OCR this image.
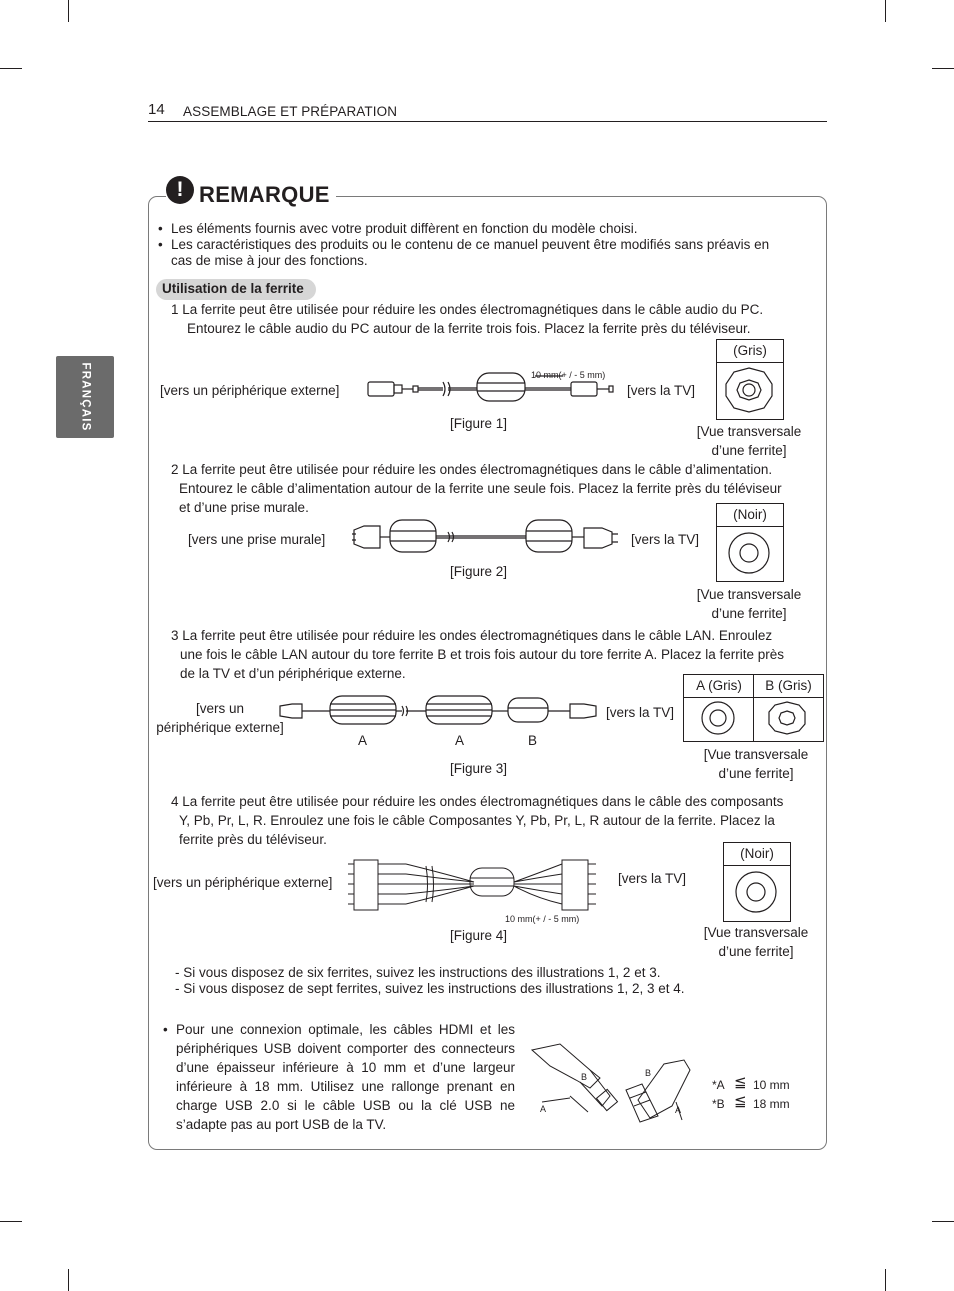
14 ASSEMBLAGE ET PRÉPARATION
FRANÇAIS
! REMARQUE
• Les éléments fournis avec votre produit diffèrent en fonction du modèle choisi.
• Les caractéristiques des produits ou le contenu de ce manuel peuvent être modifiés sans préavis en
cas de mise à jour des fonctions.
Utilisation de la ferrite
1 La ferrite peut être utilisée pour réduire les ondes électromagnétiques dans le câble audio du PC.
Entourez le câble audio du PC autour de la ferrite trois fois. Placez la ferrite près du téléviseur.
[vers un périphérique externe]	[vers la TV]
10 mm(+ / - 5 mm)
[Figure 1]
(Gris)
[Vue transversale
d’une ferrite]
2 La ferrite peut être utilisée pour réduire les ondes électromagnétiques dans le câble d’alimentation.
Entourez le câble d’alimentation autour de la ferrite une seule fois. Placez la ferrite près du téléviseur
et d’une prise murale.
[vers une prise murale]	[vers la TV]
[Figure 2]
(Noir)
[Vue transversale
d’une ferrite]
3 La ferrite peut être utilisée pour réduire les ondes électromagnétiques dans le câble LAN. Enroulez
une fois le câble LAN autour du tore ferrite B et trois fois autour du tore ferrite A. Placez la ferrite près
de la TV et d’un périphérique externe.
[vers un
périphérique externe]
[vers la TV]
A	A	B
[Figure 3]
A (Gris)	B (Gris)
[Vue transversale
d’une ferrite]
4 La ferrite peut être utilisée pour réduire les ondes électromagnétiques dans le câble des composants
Y, Pb, Pr, L, R. Enroulez une fois le câble Composantes Y, Pb, Pr, L, R autour de la ferrite. Placez la
ferrite près du téléviseur.
[vers un périphérique externe]	[vers la TV]
10 mm(+ / - 5 mm)
[Figure 4]
(Noir)
[Vue transversale
d’une ferrite]
- Si vous disposez de six ferrites, suivez les instructions des illustrations 1, 2 et 3.
- Si vous disposez de sept ferrites, suivez les instructions des illustrations 1, 2, 3 et 4.
• Pour une connexion optimale, les câbles HDMI et les périphériques USB doivent comporter des connecteurs d’une épaisseur inférieure à 10 mm et d’une largeur inférieure à 18 mm. Utilisez une rallonge prenant en charge USB 2.0 si le câble USB ou la clé USB ne s’adapte pas au port USB de la TV.
A
B	B
A
*A ≦ 10 mm
*B ≦ 18 mm
